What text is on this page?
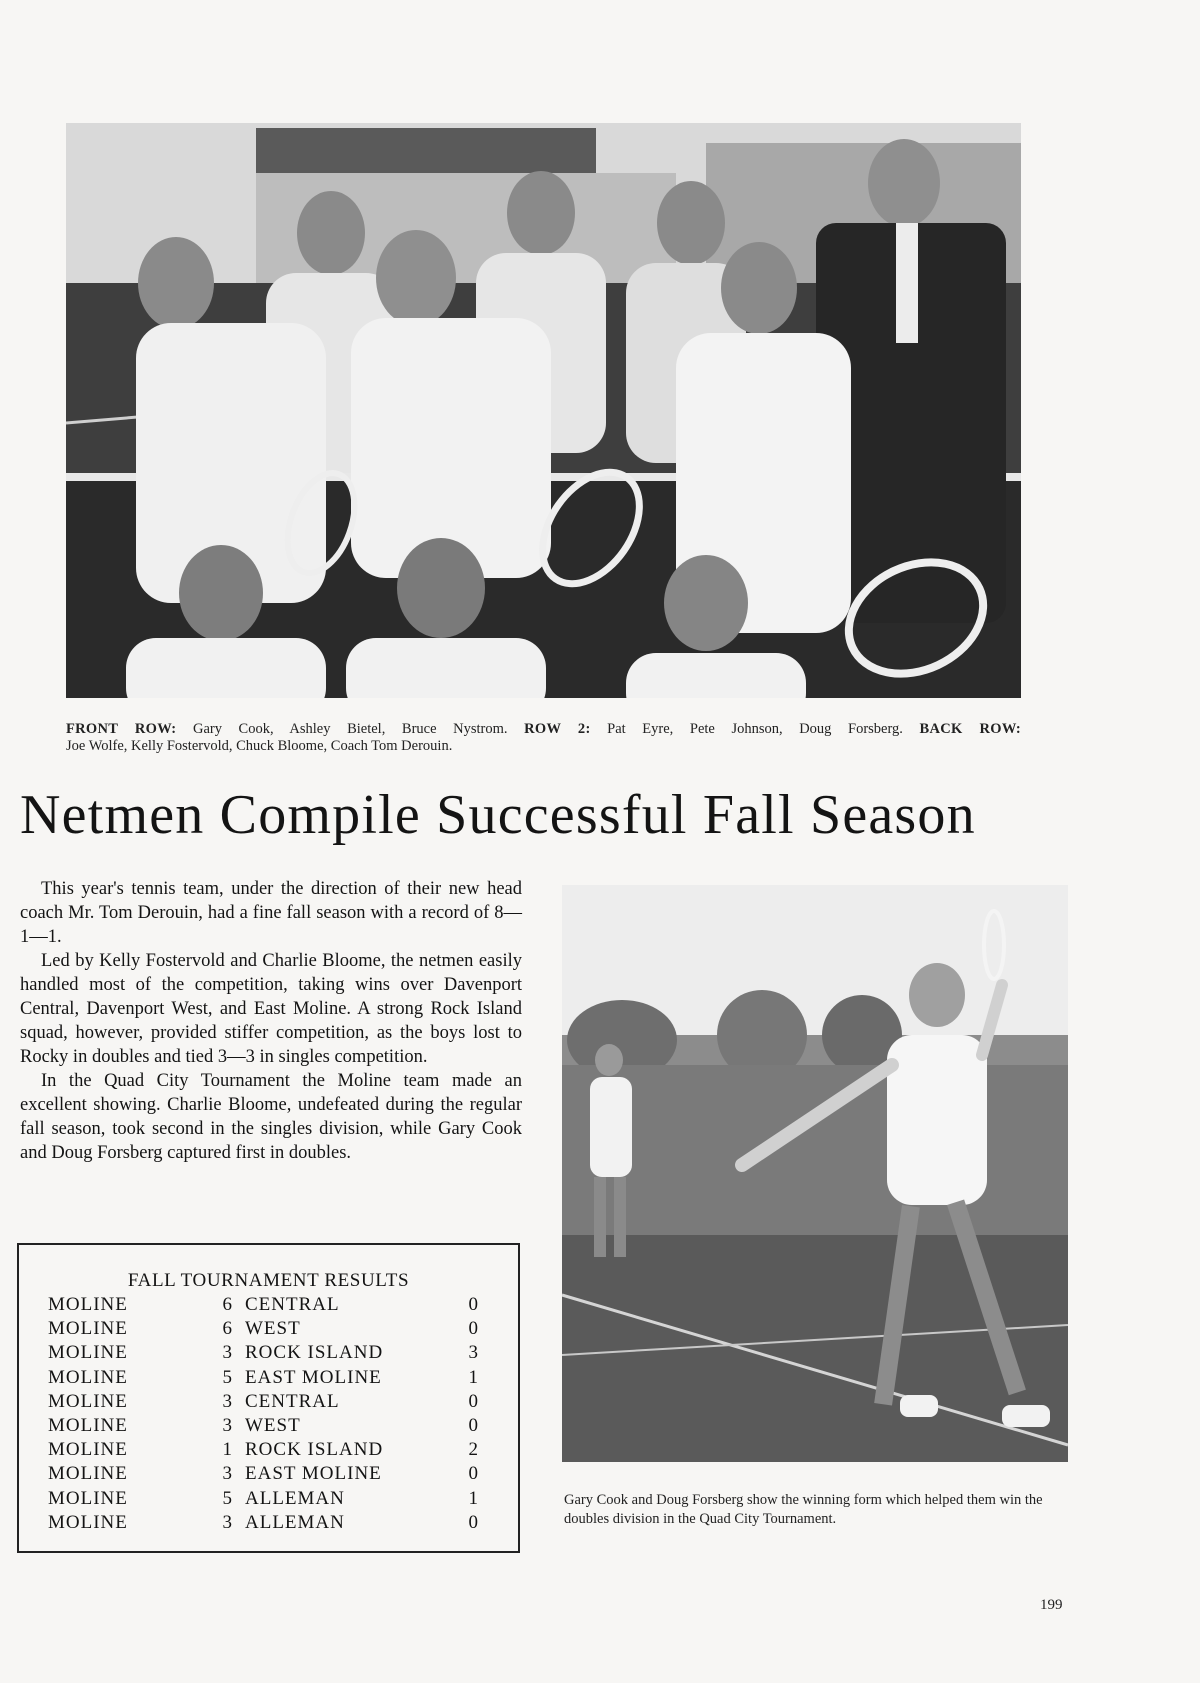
FRONT ROW: Gary Cook, Ashley Bietel, Bruce Nystrom. ROW 2: Pat Eyre, Pete Johnson, Doug Forsberg. BACK ROW:
Joe Wolfe, Kelly Fostervold, Chuck Bloome, Coach Tom Derouin.
Netmen Compile Successful Fall Season

This year's tennis team, under the direction of their new head coach Mr. Tom Derouin, had a fine fall season with a record of 8—1—1.

Led by Kelly Fostervold and Charlie Bloome, the netmen easily handled most of the competition, taking wins over Davenport Central, Davenport West, and East Moline. A strong Rock Island squad, however, provided stiffer competition, as the boys lost to Rocky in doubles and tied 3—3 in singles competition.

In the Quad City Tournament the Moline team made an excellent showing. Charlie Bloome, undefeated during the regular fall season, took second in the singles division, while Gary Cook and Doug Forsberg captured first in doubles.

FALL TOURNAMENT RESULTS
MOLINE	6 CENTRAL	0
MOLINE	6 WEST	0
MOLINE	3 ROCK ISLAND	3
MOLINE	5 EAST MOLINE	1
MOLINE	3 CENTRAL	0
MOLINE	3 WEST	0
MOLINE	1 ROCK ISLAND	2
MOLINE	3 EAST MOLINE	0
MOLINE	5 ALLEMAN	1
MOLINE	3 ALLEMAN	0
Gary Cook and Doug Forsberg show the winning form which helped them win the doubles division in the Quad City Tournament.
199
